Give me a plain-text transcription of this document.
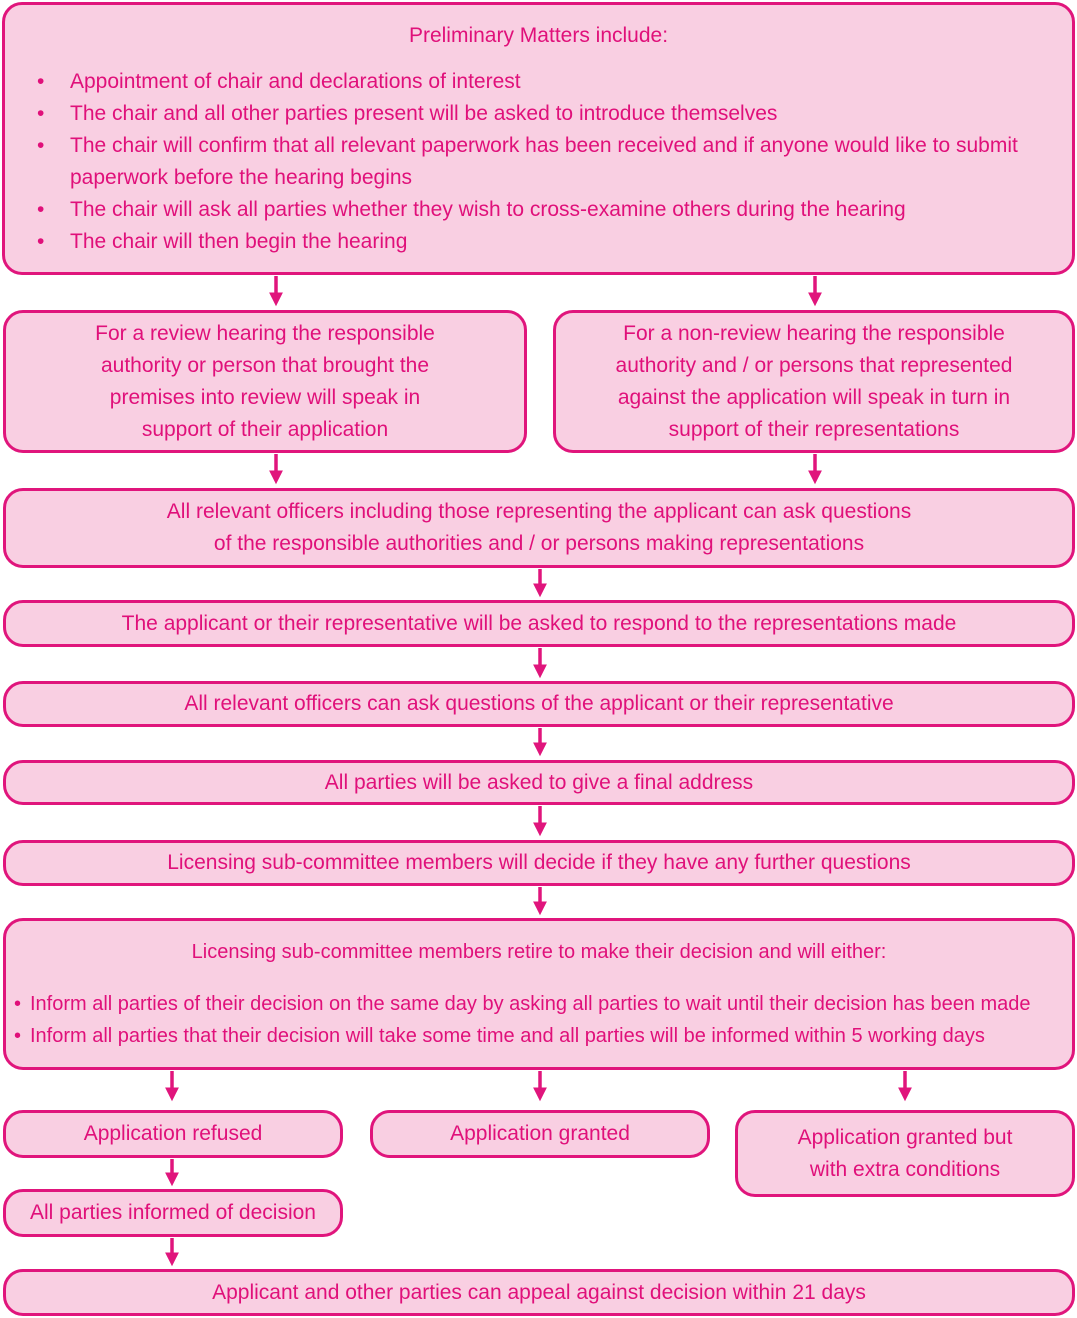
Preliminary Matters include:
• Appointment of chair and declarations of interest
• The chair and all other parties present will be asked to introduce themselves
• The chair will confirm that all relevant paperwork has been received and if anyone would like to submit paperwork before the hearing begins
• The chair will ask all parties whether they wish to cross-examine others during the hearing
• The chair will then begin the hearing
For a review hearing the responsible
authority or person that brought the
premises into review will speak in
support of their application
For a non-review hearing the responsible
authority and / or persons that represented
against the application will speak in turn in
support of their representations
All relevant officers including those representing the applicant can ask questions
of the responsible authorities and / or persons making representations
The applicant or their representative will be asked to respond to the representations made
All relevant officers can ask questions of the applicant or their representative
All parties will be asked to give a final address
Licensing sub-committee members will decide if they have any further questions
Licensing sub-committee members retire to make their decision and will either:
• Inform all parties of their decision on the same day by asking all parties to wait until their decision has been made
• Inform all parties that their decision will take some time and all parties will be informed within 5 working days
Application refused	Application granted	Application granted but
with extra conditions
All parties informed of decision
Applicant and other parties can appeal against decision within 21 days
